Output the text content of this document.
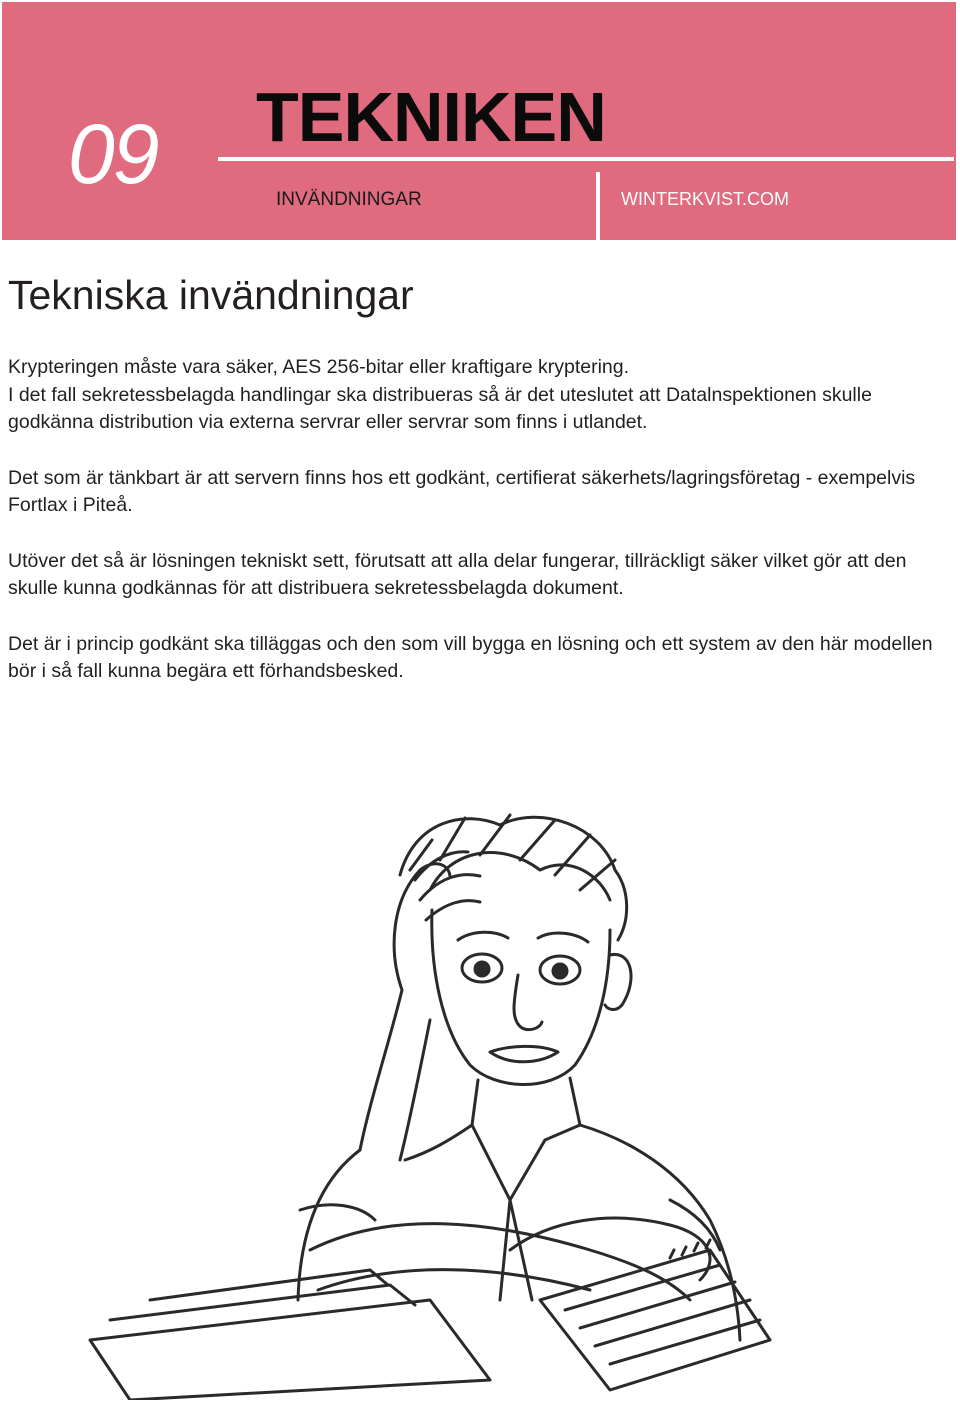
09 TEKNIKEN
INVÄNDNINGAR	WINTERKVIST.COM
Tekniska invändningar

Krypteringen måste vara säker, AES 256-bitar eller kraftigare kryptering.
I det fall sekretessbelagda handlingar ska distribueras så är det uteslutet att Datalnspektionen skulle godkänna distribution via externa servrar eller servrar som finns i utlandet.

Det som är tänkbart är att servern finns hos ett godkänt, certifierat säkerhets/lagringsföretag - exempelvis Fortlax i Piteå.

Utöver det så är lösningen tekniskt sett, förutsatt att alla delar fungerar, tillräckligt säker vilket gör att den skulle kunna godkännas för att distribuera sekretessbelagda dokument.

Det är i princip godkänt ska tilläggas och den som vill bygga en lösning och ett system av den här modellen bör i så fall kunna begära ett förhandsbesked.
